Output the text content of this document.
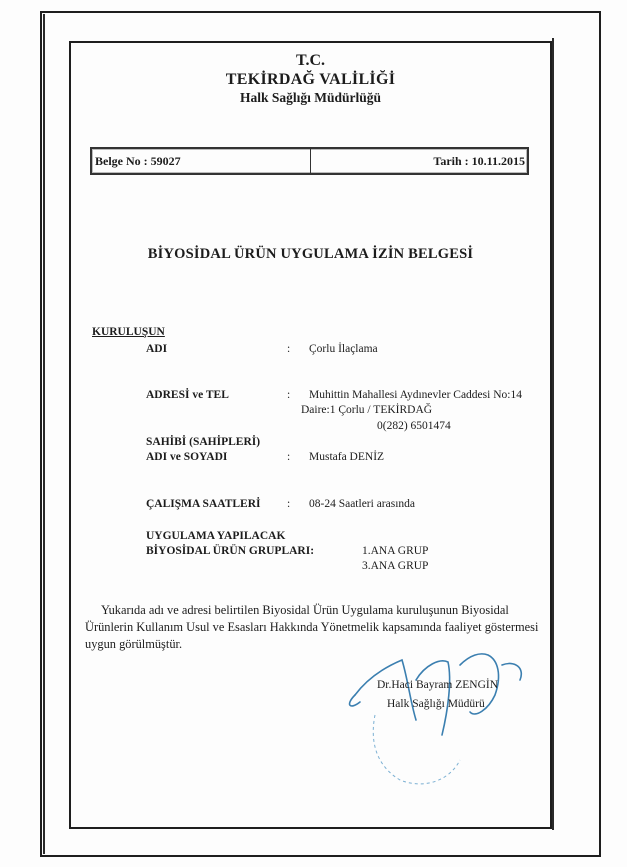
T.C.
TEKİRDAĞ VALİLİĞİ
Halk Sağlığı Müdürlüğü
Belge No : 59027	Tarih : 10.11.2015
BİYOSİDAL ÜRÜN UYGULAMA İZİN BELGESİ
KURULUŞUN
ADI	: Çorlu İlaçlama
ADRESİ ve TEL	: Muhittin Mahallesi Aydınevler Caddesi No:14
Daire:1 Çorlu / TEKİRDAĞ
0(282) 6501474
SAHİBİ (SAHİPLERİ)
ADI ve SOYADI	: Mustafa DENİZ
ÇALIŞMA SAATLERİ : 08-24 Saatleri arasında
UYGULAMA YAPILACAK
BİYOSİDAL ÜRÜN GRUPLARI:	1.ANA GRUP
3.ANA GRUP
Yukarıda adı ve adresi belirtilen Biyosidal Ürün Uygulama kuruluşunun Biyosidal Ürünlerin Kullanım Usul ve Esasları Hakkında Yönetmelik kapsamında faaliyet göstermesi uygun görülmüştür.
Dr.Haci Bayram ZENGİN
Halk Sağlığı Müdürü
